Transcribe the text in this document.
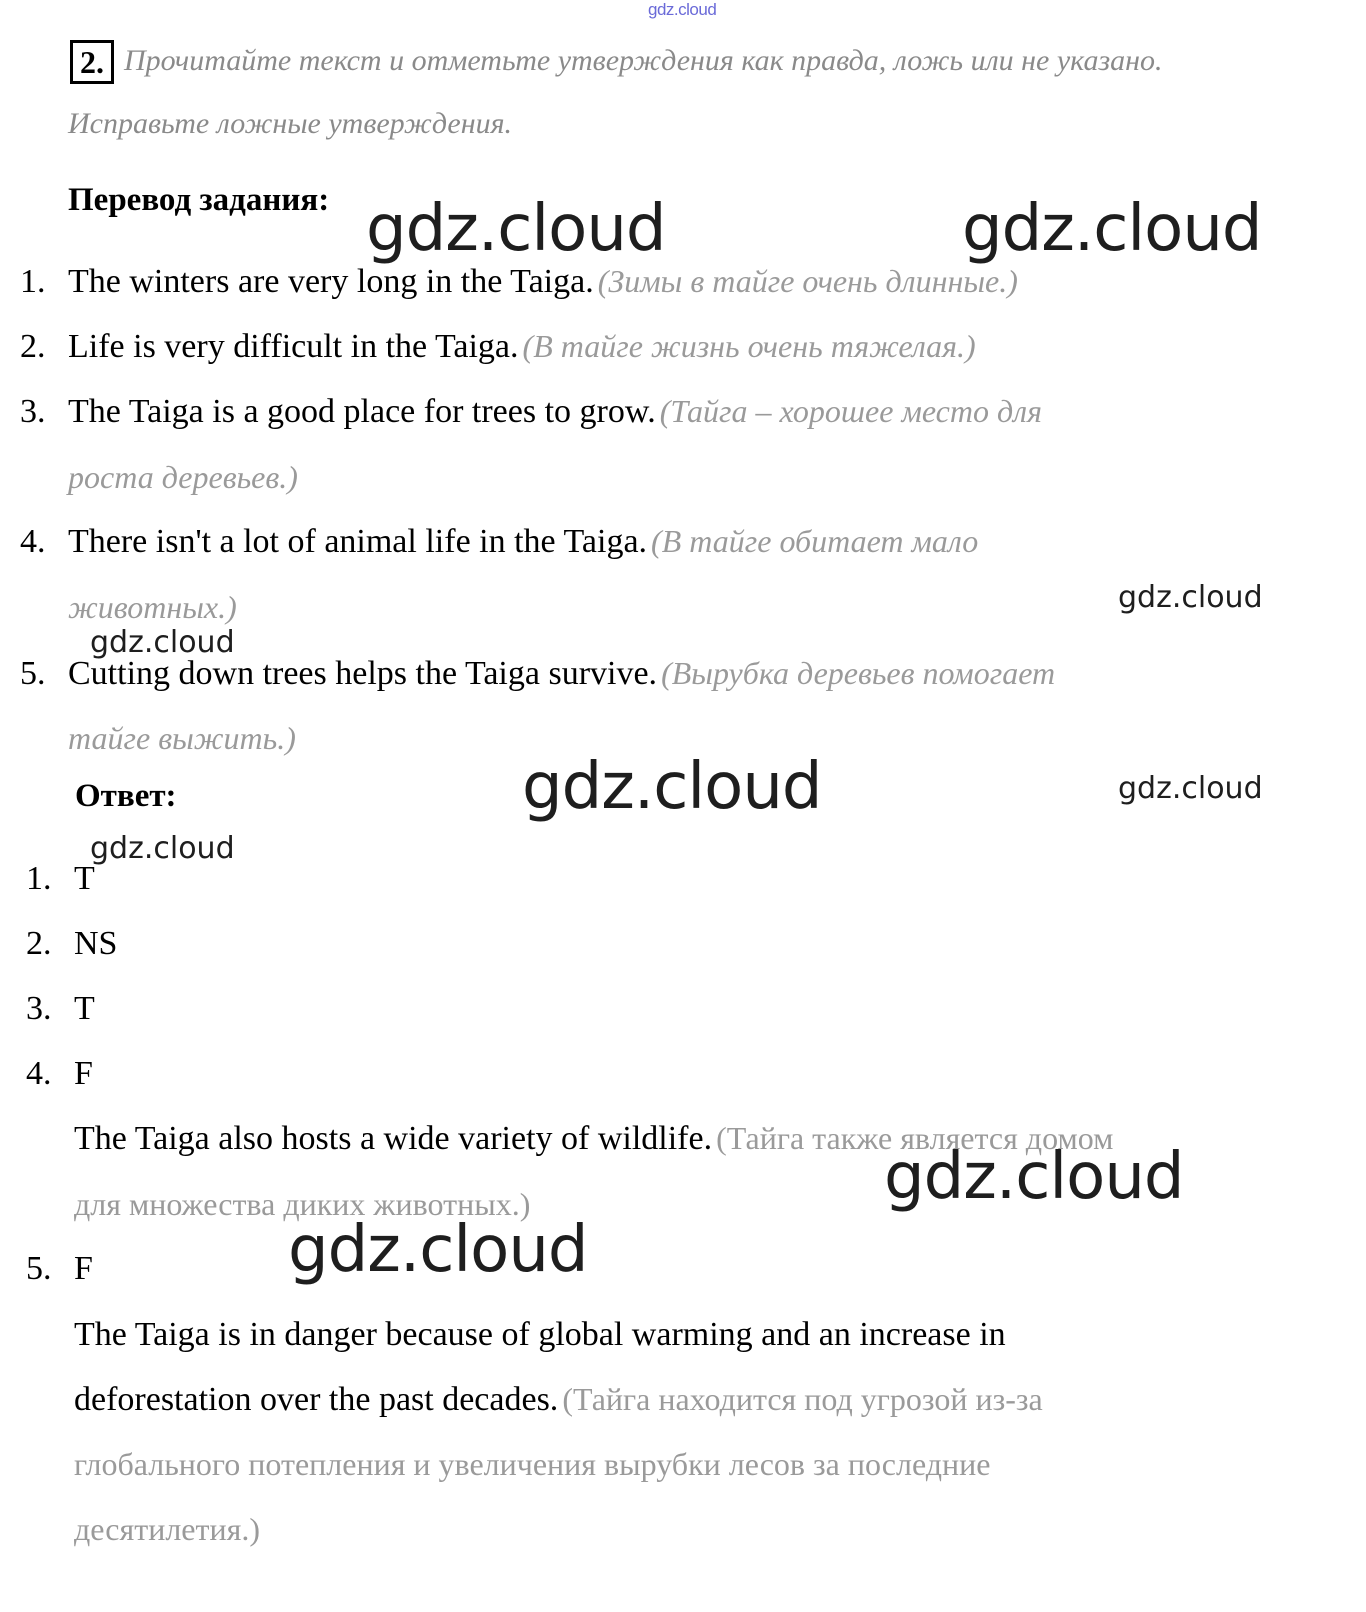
gdz.cloud
2. Прочитайте текст и отметьте утверждения как правда, ложь или не указано.
Исправьте ложные утверждения.
Перевод задания:
1. The winters are very long in the Taiga. (Зимы в тайге очень длинные.)
2. Life is very difficult in the Taiga. (В тайге жизнь очень тяжелая.)
3. The Taiga is a good place for trees to grow. (Тайга – хорошее место для
роста деревьев.)
4. There isn't a lot of animal life in the Taiga. (В тайге обитает мало
животных.)
5. Cutting down trees helps the Taiga survive. (Вырубка деревьев помогает
тайге выжить.)
Ответ:
1. T
2. NS
3. T
4. F
The Taiga also hosts a wide variety of wildlife. (Тайга также является домом
для множества диких животных.)
5. F
The Taiga is in danger because of global warming and an increase in
deforestation over the past decades. (Тайга находится под угрозой из-за
глобального потепления и увеличения вырубки лесов за последние
десятилетия.)
gdz.cloud	gdz.cloud
gdz.cloud
gdz.cloud
gdz.cloud	gdz.cloud
gdz.cloud
gdz.cloud
gdz.cloud
